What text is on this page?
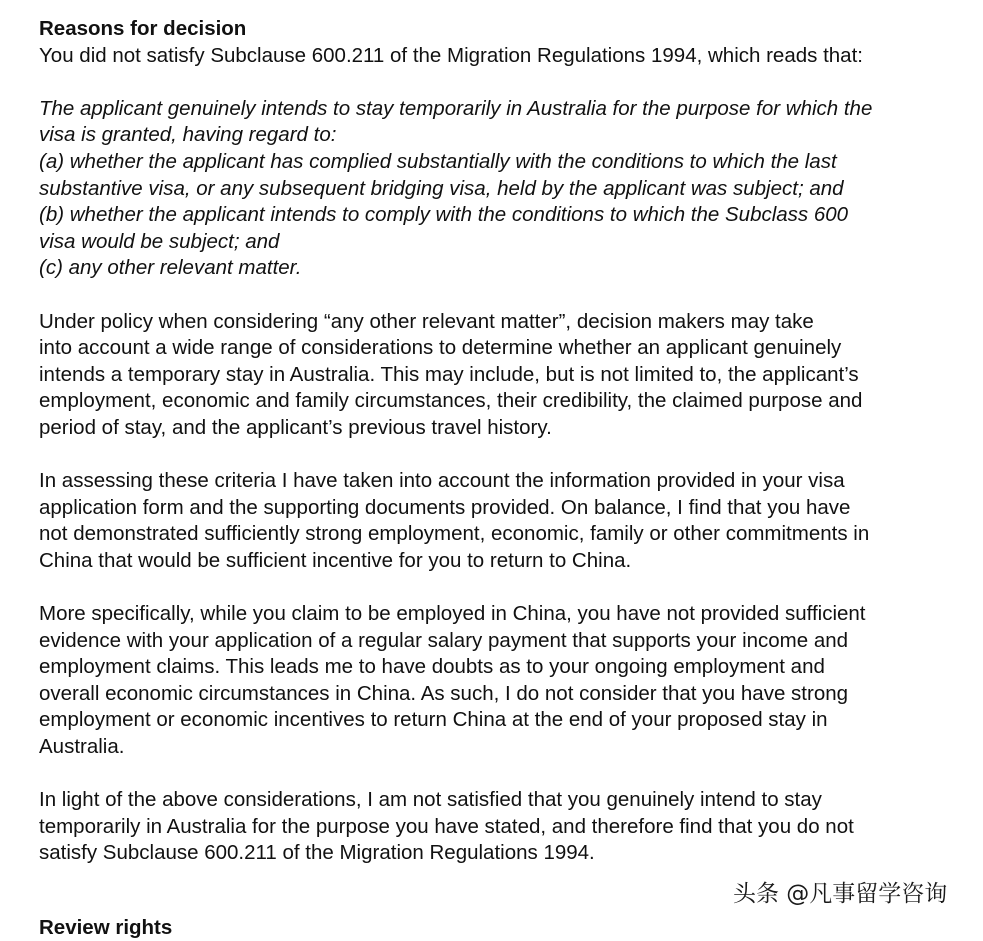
Reasons for decision
You did not satisfy Subclause 600.211 of the Migration Regulations 1994, which reads that:
The applicant genuinely intends to stay temporarily in Australia for the purpose for which the
visa is granted, having regard to:
(a) whether the applicant has complied substantially with the conditions to which the last
substantive visa, or any subsequent bridging visa, held by the applicant was subject; and
(b) whether the applicant intends to comply with the conditions to which the Subclass 600
visa would be subject; and
(c) any other relevant matter.
Under policy when considering “any other relevant matter”, decision makers may take
into account a wide range of considerations to determine whether an applicant genuinely
intends a temporary stay in Australia. This may include, but is not limited to, the applicant’s
employment, economic and family circumstances, their credibility, the claimed purpose and
period of stay, and the applicant’s previous travel history.
In assessing these criteria I have taken into account the information provided in your visa
application form and the supporting documents provided. On balance, I find that you have
not demonstrated sufficiently strong employment, economic, family or other commitments in
China that would be sufficient incentive for you to return to China.
More specifically, while you claim to be employed in China, you have not provided sufficient
evidence with your application of a regular salary payment that supports your income and
employment claims. This leads me to have doubts as to your ongoing employment and
overall economic circumstances in China. As such, I do not consider that you have strong
employment or economic incentives to return China at the end of your proposed stay in
Australia.
In light of the above considerations, I am not satisfied that you genuinely intend to stay
temporarily in Australia for the purpose you have stated, and therefore find that you do not
satisfy Subclause 600.211 of the Migration Regulations 1994.
Review rights
头条 @凡事留学咨询
